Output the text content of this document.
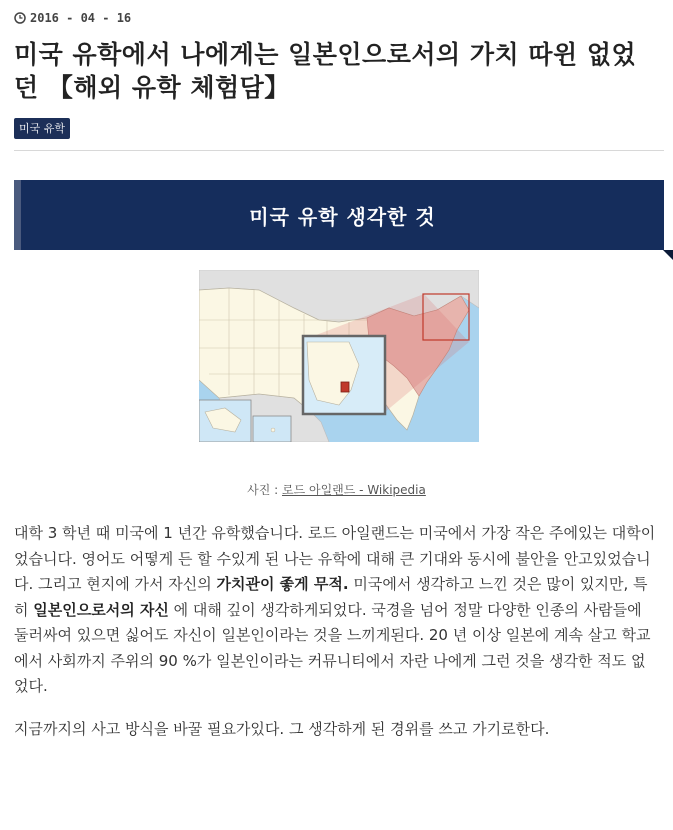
2016 - 04 - 16
미국 유학에서 나에게는 일본인으로서의 가치 따윈 없었던 【해외 유학 체험담】
미국 유학
미국 유학 생각한 것
사진 : 로드 아일랜드 - Wikipedia

대학 3 학년 때 미국에 1 년간 유학했습니다. 로드 아일랜드는 미국에서 가장 작은 주에있는 대학이었습니다. 영어도 어떻게 든 할 수있게 된 나는 유학에 대해 큰 기대와 동시에 불안을 안고있었습니다. 그리고 현지에 가서 자신의 가치관이 좋게 무적. 미국에서 생각하고 느낀 것은 많이 있지만, 특히 일본인으로서의 자신 에 대해 깊이 생각하게되었다. 국경을 넘어 정말 다양한 인종의 사람들에 둘러싸여 있으면 싫어도 자신이 일본인이라는 것을 느끼게된다. 20 년 이상 일본에 계속 살고 학교에서 사회까지 주위의 90 %가 일본인이라는 커뮤니티에서 자란 나에게 그런 것을 생각한 적도 없었다.

지금까지의 사고 방식을 바꿀 필요가있다. 그 생각하게 된 경위를 쓰고 가기로한다.
